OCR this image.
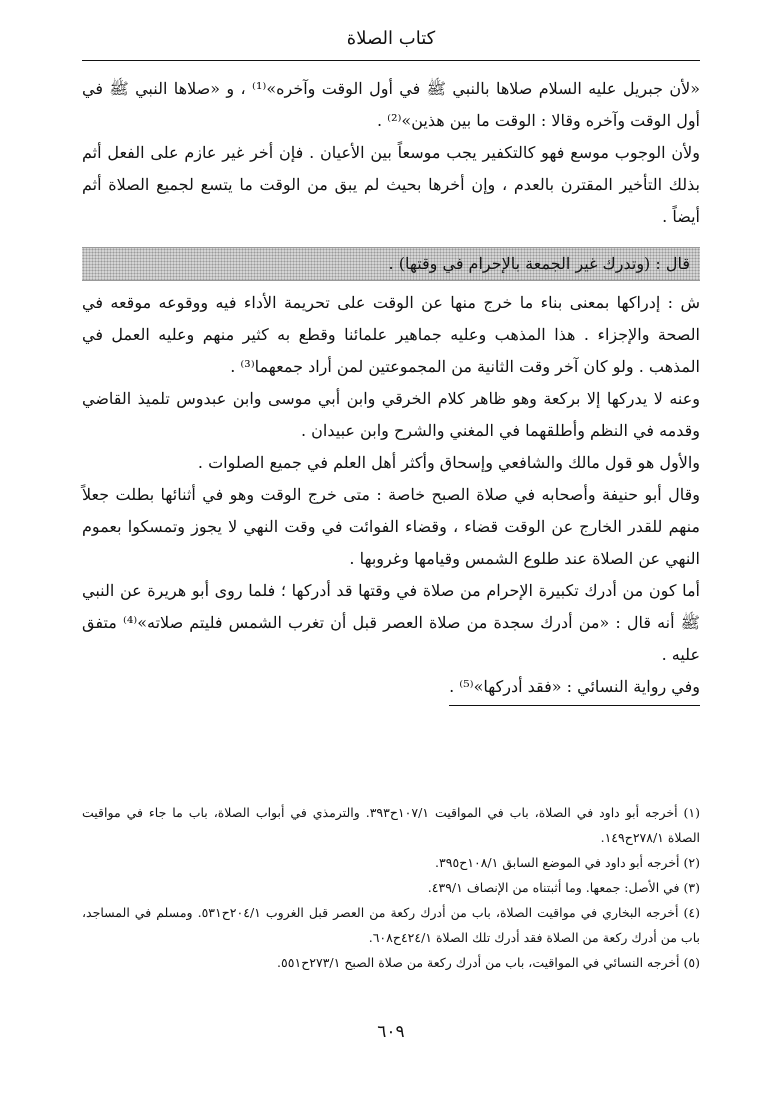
كتاب الصلاة

«لأن جبريل عليه السلام صلاها بالنبي ﷺ في أول الوقت وآخره»⁽¹⁾ ، و «صلاها النبي ﷺ في أول الوقت وآخره وقالا : الوقت ما بين هذين»⁽²⁾ .

ولأن الوجوب موسع فهو كالتكفير يجب موسعاً بين الأعيان . فإن أخر غير عازم على الفعل أثم بذلك التأخير المقترن بالعدم ، وإن أخرها بحيث لم يبق من الوقت ما يتسع لجميع الصلاة أثم أيضاً .

قال : (وتدرك غير الجمعة بالإحرام في وقتها) .

ش : إدراكها بمعنى بناء ما خرج منها عن الوقت على تحريمة الأداء فيه ووقوعه موقعه في الصحة والإجزاء . هذا المذهب وعليه جماهير علمائنا وقطع به كثير منهم وعليه العمل في المذهب . ولو كان آخر وقت الثانية من المجموعتين لمن أراد جمعهما⁽³⁾ .

وعنه لا يدركها إلا بركعة وهو ظاهر كلام الخرقي وابن أبي موسى وابن عبدوس تلميذ القاضي وقدمه في النظم وأطلقهما في المغني والشرح وابن عبيدان .

والأول هو قول مالك والشافعي وإسحاق وأكثر أهل العلم في جميع الصلوات .

وقال أبو حنيفة وأصحابه في صلاة الصبح خاصة : متى خرج الوقت وهو في أثنائها بطلت جعلاً منهم للقدر الخارج عن الوقت قضاء ، وقضاء الفوائت في وقت النهي لا يجوز وتمسكوا بعموم النهي عن الصلاة عند طلوع الشمس وقيامها وغروبها .

أما كون من أدرك تكبيرة الإحرام من صلاة في وقتها قد أدركها ؛ فلما روى أبو هريرة عن النبي ﷺ أنه قال : «من أدرك سجدة من صلاة العصر قبل أن تغرب الشمس فليتم صلاته»⁽⁴⁾ متفق عليه .

وفي رواية النسائي : «فقد أدركها»⁽⁵⁾ .

(١) أخرجه أبو داود في الصلاة، باب في المواقيت ١٠٧/١ح٣٩٣. والترمذي في أبواب الصلاة، باب ما جاء في مواقيت الصلاة ٢٧٨/١ح١٤٩.

(٢) أخرجه أبو داود في الموضع السابق ١٠٨/١ح٣٩٥.

(٣) في الأصل: جمعها. وما أثبتناه من الإنصاف ٤٣٩/١.

(٤) أخرجه البخاري في مواقيت الصلاة، باب من أدرك ركعة من العصر قبل الغروب ٢٠٤/١ح٥٣١. ومسلم في المساجد، باب من أدرك ركعة من الصلاة فقد أدرك تلك الصلاة ٤٢٤/١ح٦٠٨.

(٥) أخرجه النسائي في المواقيت، باب من أدرك ركعة من صلاة الصبح ٢٧٣/١ح٥٥١.

٦٠٩
